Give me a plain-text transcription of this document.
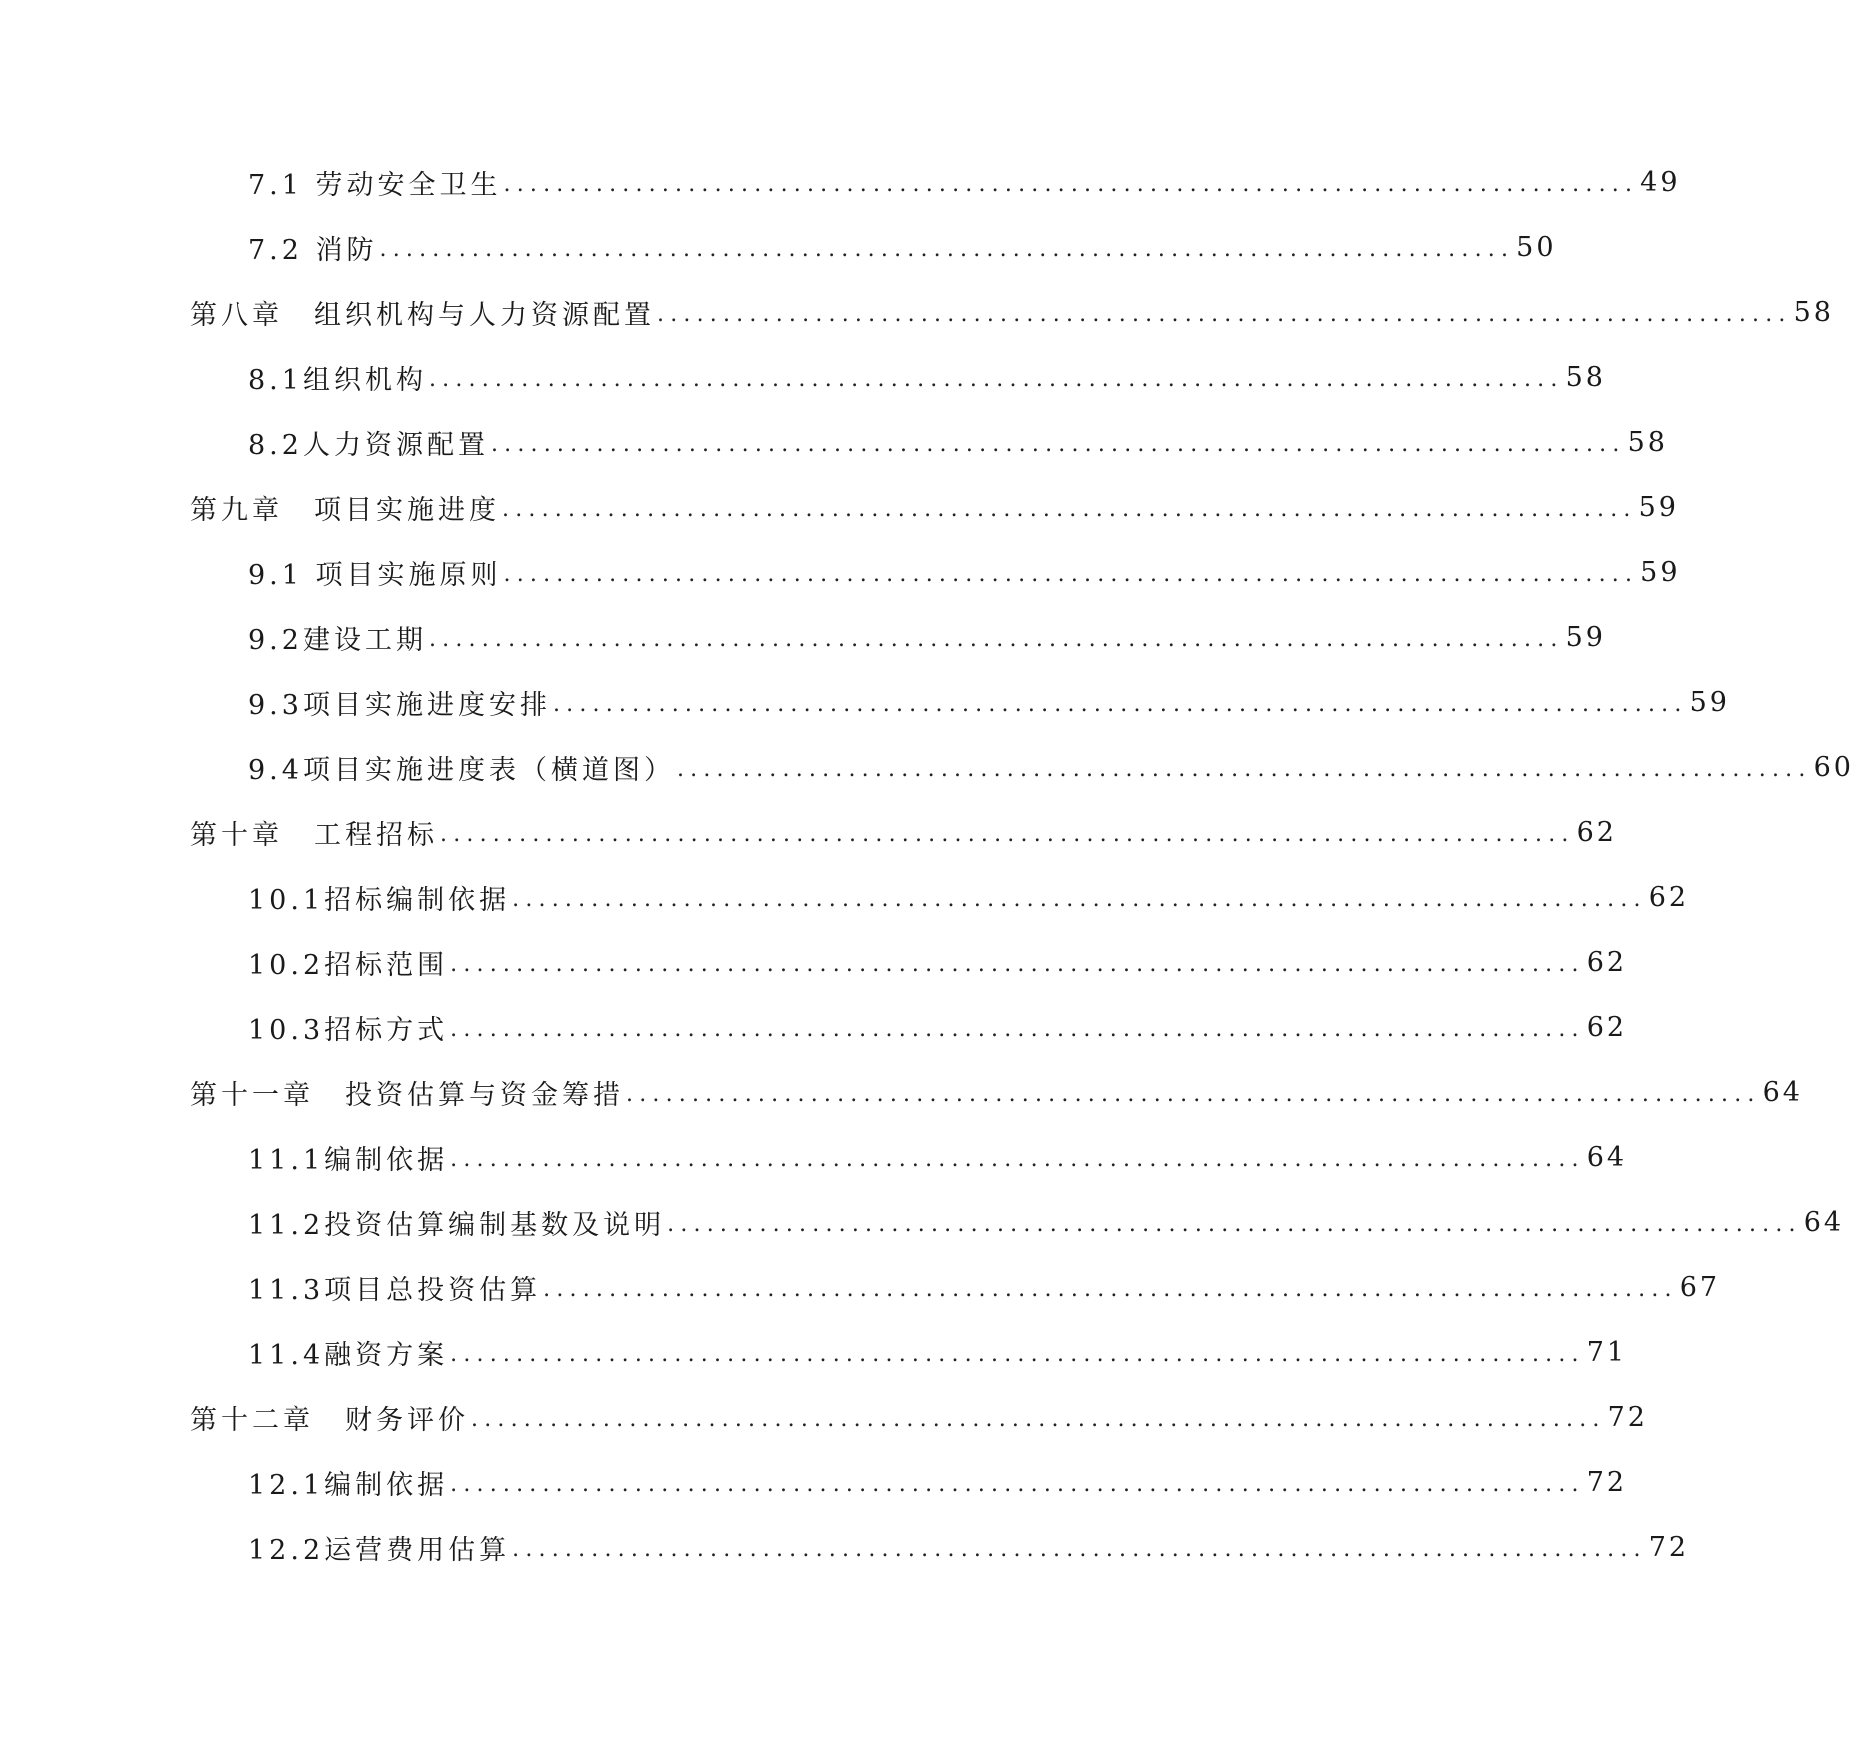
7.1 劳动安全卫生 ...................................................................................... 49
7.2 消防 ...................................................................................... 50
第八章　组织机构与人力资源配置 ...................................................................................... 58
8.1组织机构 ...................................................................................... 58
8.2人力资源配置 ...................................................................................... 58
第九章　项目实施进度 ...................................................................................... 59
9.1 项目实施原则 ...................................................................................... 59
9.2建设工期 ...................................................................................... 59
9.3项目实施进度安排 ...................................................................................... 59
9.4项目实施进度表（横道图） ...................................................................................... 60
第十章　工程招标 ...................................................................................... 62
10.1招标编制依据 ...................................................................................... 62
10.2招标范围 ...................................................................................... 62
10.3招标方式 ...................................................................................... 62
第十一章　投资估算与资金筹措 ...................................................................................... 64
11.1编制依据 ...................................................................................... 64
11.2投资估算编制基数及说明 ...................................................................................... 64
11.3项目总投资估算 ...................................................................................... 67
11.4融资方案 ...................................................................................... 71
第十二章　财务评价 ...................................................................................... 72
12.1编制依据 ...................................................................................... 72
12.2运营费用估算 ...................................................................................... 72
